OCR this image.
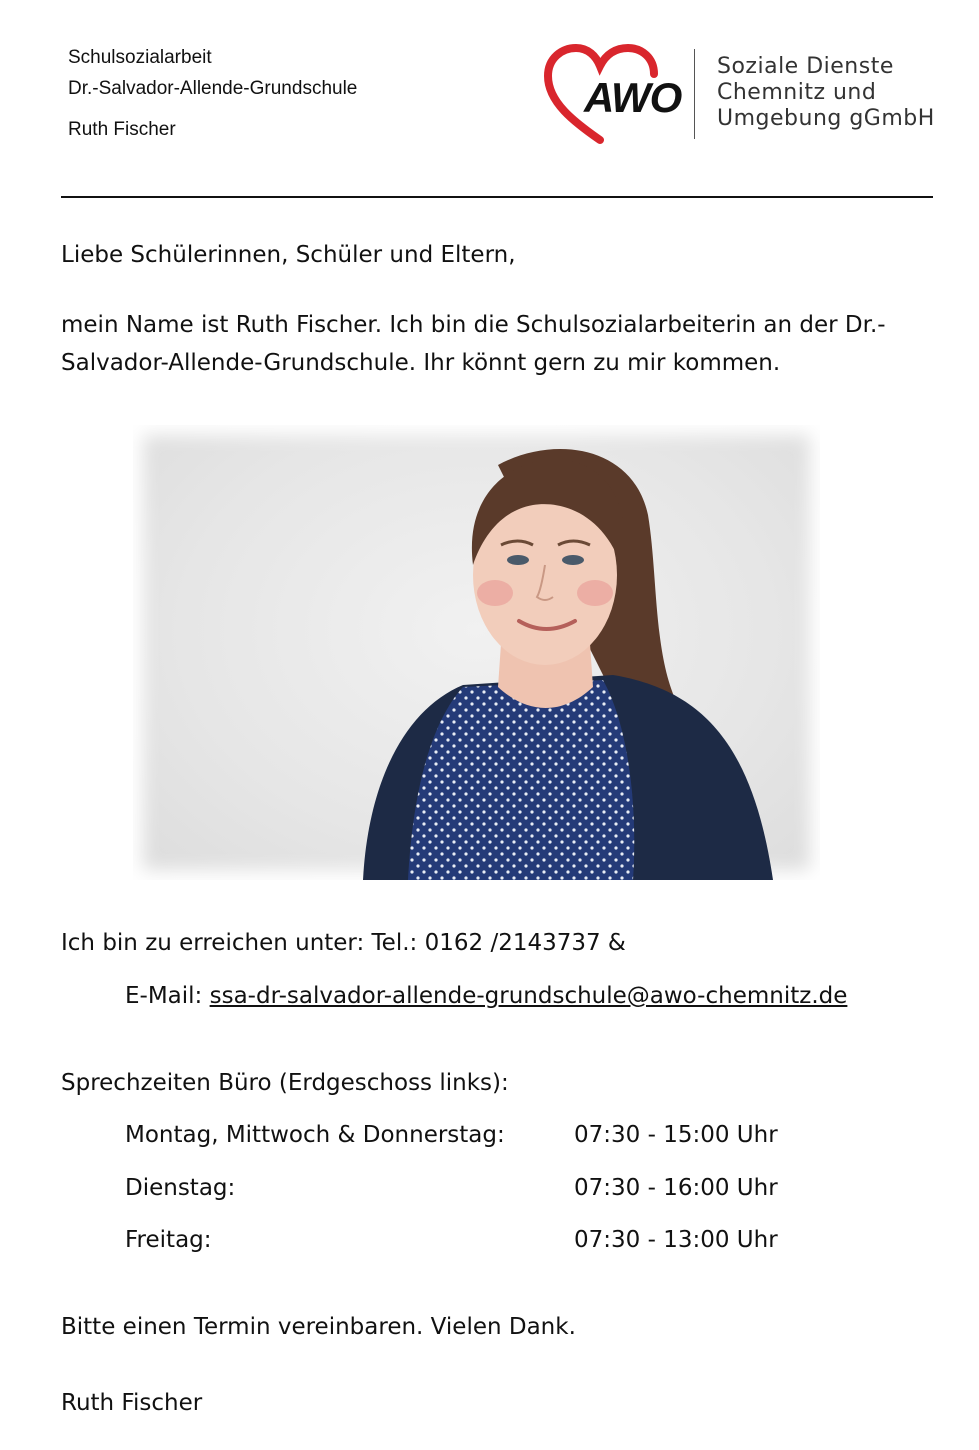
Schulsozialarbeit
Dr.-Salvador-Allende-Grundschule
Ruth Fischer
AWO
Soziale Dienste
Chemnitz und
Umgebung gGmbH
Liebe Schülerinnen, Schüler und Eltern,
mein Name ist Ruth Fischer. Ich bin die Schulsozialarbeiterin an der Dr.-
Salvador-Allende-Grundschule. Ihr könnt gern zu mir kommen.
Ich bin zu erreichen unter: Tel.: 0162 /2143737 &
E-Mail: ssa-dr-salvador-allende-grundschule@awo-chemnitz.de
Sprechzeiten Büro (Erdgeschoss links):
Montag, Mittwoch & Donnerstag:	07:30 - 15:00 Uhr
Dienstag:	07:30 - 16:00 Uhr
Freitag:	07:30 - 13:00 Uhr
Bitte einen Termin vereinbaren. Vielen Dank.
Ruth Fischer
